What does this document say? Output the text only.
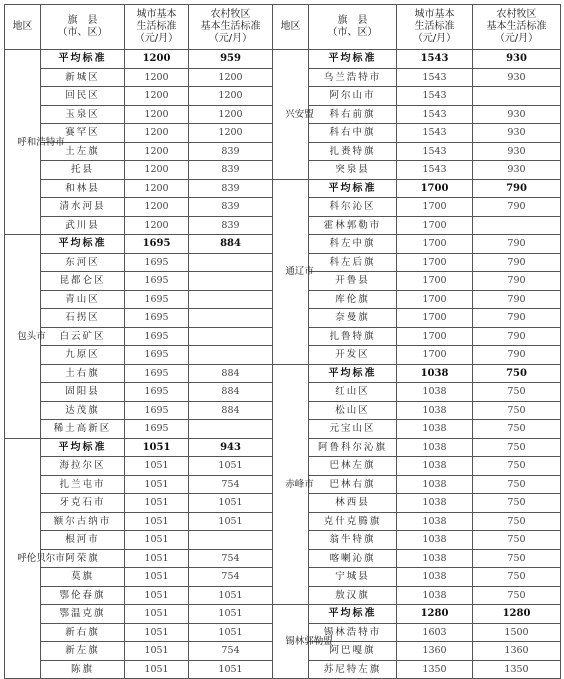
地区	旗　县
（市、区）	城市基本
生活标准
（元/月）	农村牧区
基本生活标准
（元/月）	地区	旗　县
（市、区）	城市基本
生活标准
（元/月）	农村牧区
基本生活标准
（元/月）

呼和浩特市	平均标准	1200	959	兴安盟	平均标准	1543	930
	新城区	1200	1200		乌兰浩特市	1543	930
	回民区	1200	1200		阿尔山市	1543	
	玉泉区	1200	1200		科右前旗	1543	930
	赛罕区	1200	1200		科右中旗	1543	930
	土左旗	1200	839		扎赉特旗	1543	930
	托县	1200	839		突泉县	1543	930
	和林县	1200	839	通辽市	平均标准	1700	790
	清水河县	1200	839		科尔沁区	1700	790
	武川县	1200	839		霍林郭勒市	1700	

包头市	平均标准	1695	884		科左中旗	1700	790
	东河区	1695			科左后旗	1700	790
	昆都仑区	1695			开鲁县	1700	790
	青山区	1695			库伦旗	1700	790
	石拐区	1695			奈曼旗	1700	790
	白云矿区	1695			扎鲁特旗	1700	790
	九原区	1695			开发区	1700	790
	土右旗	1695	884	赤峰市	平均标准	1038	750
	固阳县	1695	884		红山区	1038	750
	达茂旗	1695	884		松山区	1038	750
	稀土高新区	1695			元宝山区	1038	750

呼伦贝尔市	平均标准	1051	943		阿鲁科尔沁旗	1038	750
	海拉尔区	1051	1051		巴林左旗	1038	750
	扎兰屯市	1051	754		巴林右旗	1038	750
	牙克石市	1051	1051		林西县	1038	750
	额尔古纳市	1051	1051		克什克腾旗	1038	750
	根河市	1051			翁牛特旗	1038	750
	阿荣旗	1051	754		喀喇沁旗	1038	750
	莫旗	1051	754		宁城县	1038	750
	鄂伦春旗	1051	1051		敖汉旗	1038	750
	鄂温克旗	1051	1051	锡林郭勒盟	平均标准	1280	1280
	新右旗	1051	1051		锡林浩特市	1603	1500
	新左旗	1051	754		阿巴嘎旗	1360	1360
	陈旗	1051	1051		苏尼特左旗	1350	1350
